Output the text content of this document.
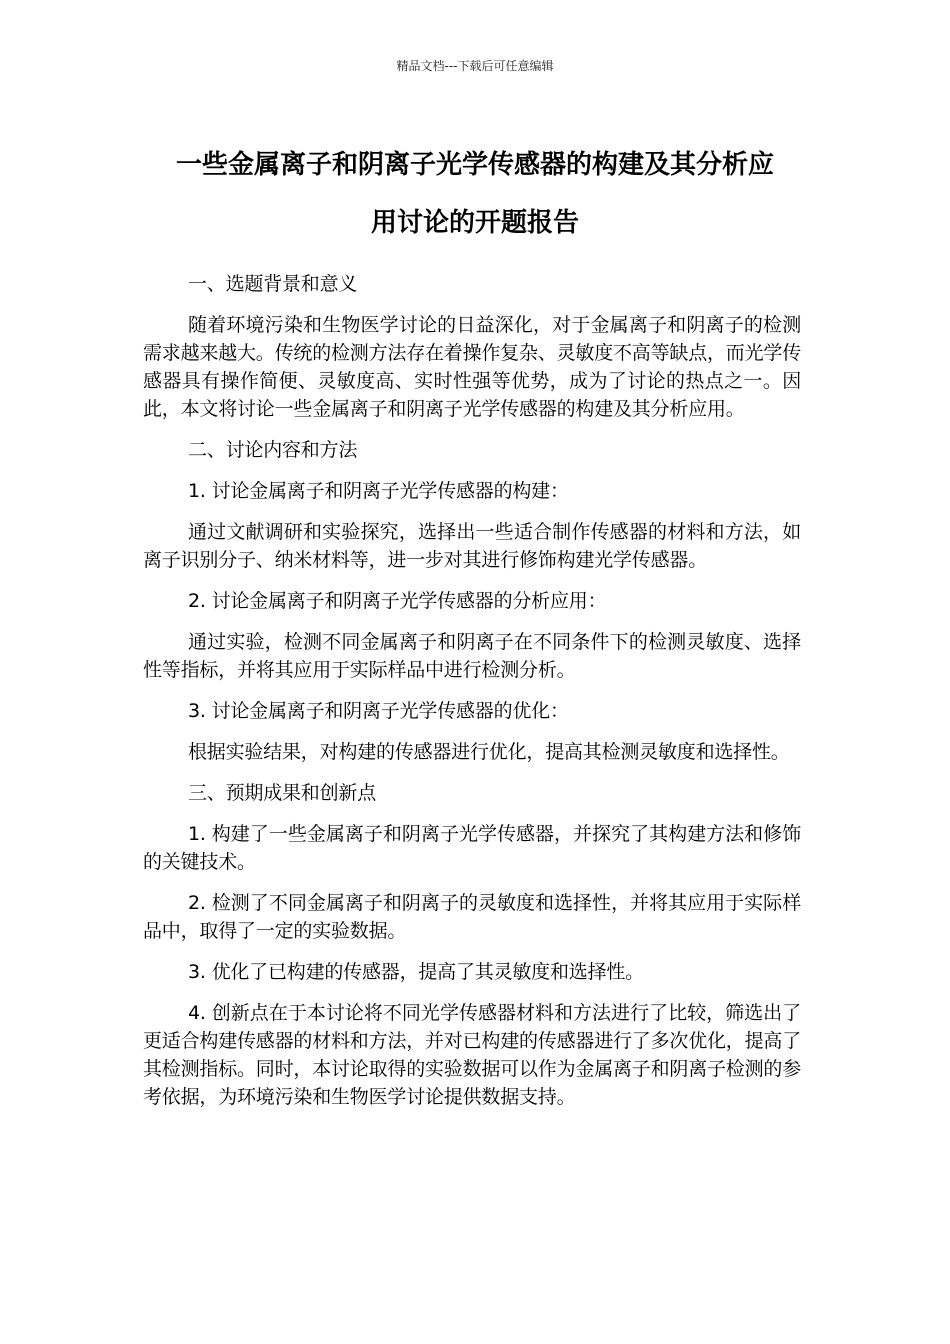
精品文档---下载后可任意编辑
一些金属离子和阴离子光学传感器的构建及其分析应
用讨论的开题报告

一、选题背景和意义

随着环境污染和生物医学讨论的日益深化，对于金属离子和阴离子的检测需求越来越大。传统的检测方法存在着操作复杂、灵敏度不高等缺点，而光学传感器具有操作简便、灵敏度高、实时性强等优势，成为了讨论的热点之一。因此，本文将讨论一些金属离子和阴离子光学传感器的构建及其分析应用。

二、讨论内容和方法

1. 讨论金属离子和阴离子光学传感器的构建：

通过文献调研和实验探究，选择出一些适合制作传感器的材料和方法，如离子识别分子、纳米材料等，进一步对其进行修饰构建光学传感器。

2. 讨论金属离子和阴离子光学传感器的分析应用：

通过实验，检测不同金属离子和阴离子在不同条件下的检测灵敏度、选择性等指标，并将其应用于实际样品中进行检测分析。

3. 讨论金属离子和阴离子光学传感器的优化：

根据实验结果，对构建的传感器进行优化，提高其检测灵敏度和选择性。

三、预期成果和创新点

1. 构建了一些金属离子和阴离子光学传感器，并探究了其构建方法和修饰的关键技术。

2. 检测了不同金属离子和阴离子的灵敏度和选择性，并将其应用于实际样品中，取得了一定的实验数据。

3. 优化了已构建的传感器，提高了其灵敏度和选择性。

4. 创新点在于本讨论将不同光学传感器材料和方法进行了比较，筛选出了更适合构建传感器的材料和方法，并对已构建的传感器进行了多次优化，提高了其检测指标。同时，本讨论取得的实验数据可以作为金属离子和阴离子检测的参考依据，为环境污染和生物医学讨论提供数据支持。
